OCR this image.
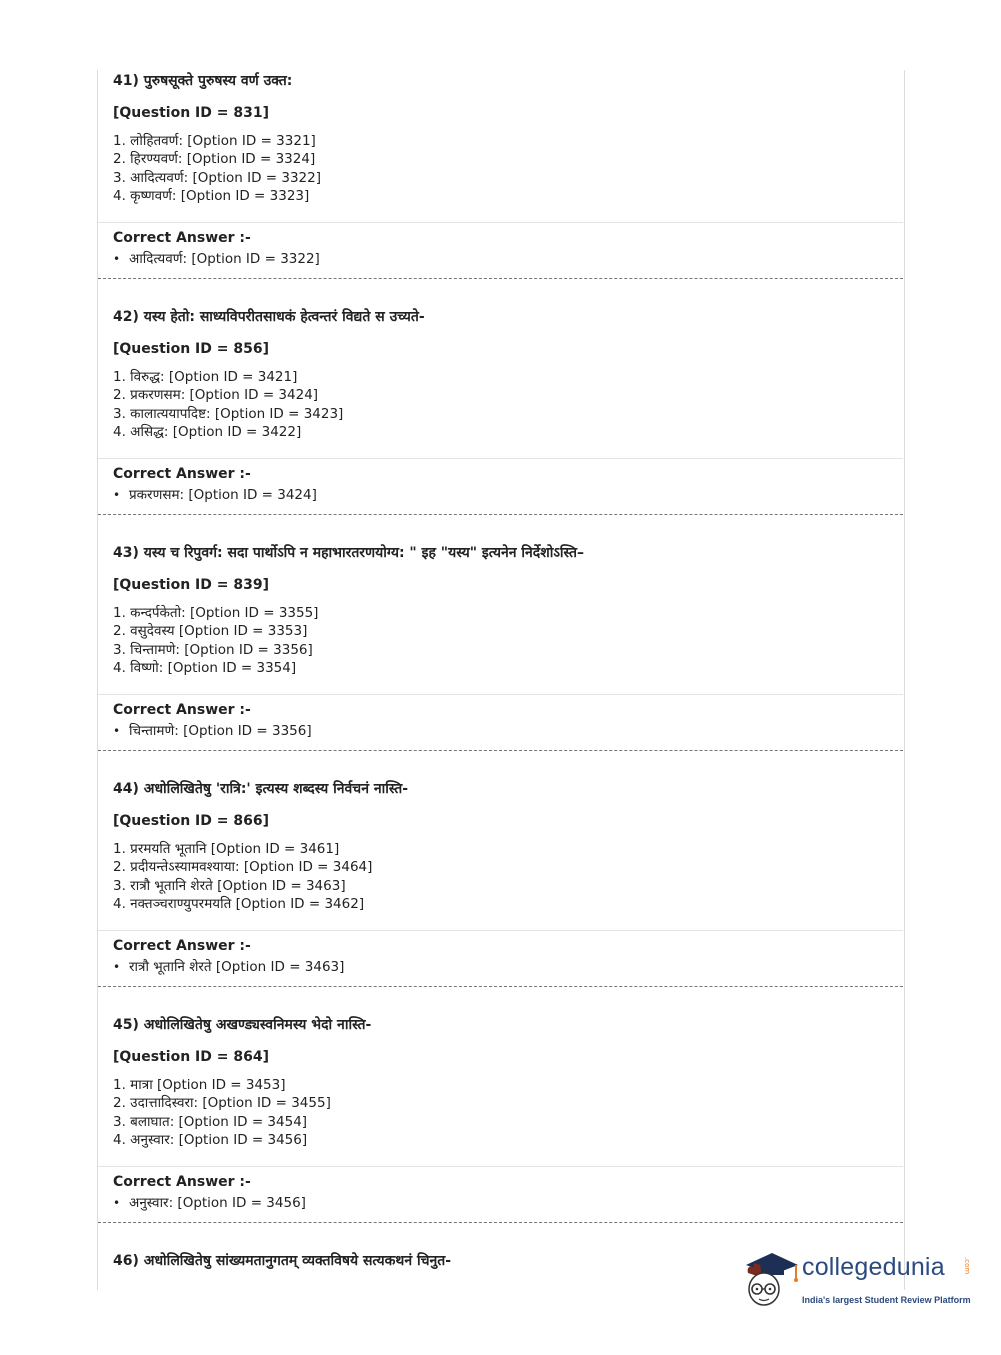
41) पुरुषसूक्ते पुरुषस्य वर्ण उक्त:
[Question ID = 831]
1. लोहितवर्ण: [Option ID = 3321]
2. हिरण्यवर्ण: [Option ID = 3324]
3. आदित्यवर्ण: [Option ID = 3322]
4. कृष्णवर्ण: [Option ID = 3323]
Correct Answer :-
• आदित्यवर्ण: [Option ID = 3322]
42) यस्य हेतो: साध्यविपरीतसाधकं हेत्वन्तरं विद्यते स उच्यते-
[Question ID = 856]
1. विरुद्ध: [Option ID = 3421]
2. प्रकरणसम: [Option ID = 3424]
3. कालात्ययापदिष्ट: [Option ID = 3423]
4. असिद्ध: [Option ID = 3422]
Correct Answer :-
• प्रकरणसम: [Option ID = 3424]
43) यस्य च रिपुवर्ग: सदा पार्थोऽपि न महाभारतरणयोग्य: " इह "यस्य" इत्यनेन निर्देशोऽस्ति–
[Question ID = 839]
1. कन्दर्पकेतो: [Option ID = 3355]
2. वसुदेवस्य [Option ID = 3353]
3. चिन्तामणे: [Option ID = 3356]
4. विष्णो: [Option ID = 3354]
Correct Answer :-
• चिन्तामणे: [Option ID = 3356]
44) अधोलिखितेषु 'रात्रि:' इत्यस्य शब्दस्य निर्वचनं नास्ति-
[Question ID = 866]
1. प्ररमयति भूतानि [Option ID = 3461]
2. प्रदीयन्तेऽस्यामवश्याया: [Option ID = 3464]
3. रात्रौ भूतानि शेरते [Option ID = 3463]
4. नक्तञ्चराण्युपरमयति [Option ID = 3462]
Correct Answer :-
• रात्रौ भूतानि शेरते [Option ID = 3463]
45) अधोलिखितेषु अखण्ड्यस्वनिमस्य भेदो नास्ति-
[Question ID = 864]
1. मात्रा [Option ID = 3453]
2. उदात्तादिस्वरा: [Option ID = 3455]
3. बलाघात: [Option ID = 3454]
4. अनुस्वार: [Option ID = 3456]
Correct Answer :-
• अनुस्वार: [Option ID = 3456]
46) अधोलिखितेषु सांख्यमतानुगतम् व्यक्तविषये सत्यकथनं चिनुत-	collegedunia	.com
India's largest Student Review Platform
